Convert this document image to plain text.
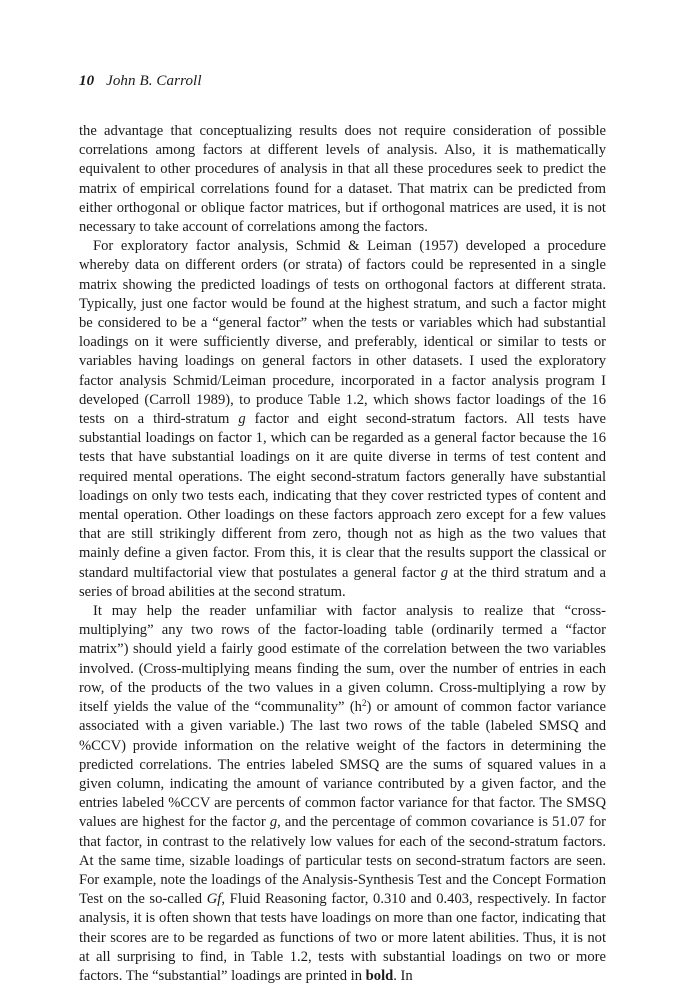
10 John B. Carroll

the advantage that conceptualizing results does not require consideration of possible correlations among factors at different levels of analysis. Also, it is mathematically equivalent to other procedures of analysis in that all these procedures seek to predict the matrix of empirical correlations found for a dataset. That matrix can be predicted from either orthogonal or oblique factor matrices, but if orthogonal matrices are used, it is not necessary to take account of correlations among the factors.

For exploratory factor analysis, Schmid & Leiman (1957) developed a procedure whereby data on different orders (or strata) of factors could be represented in a single matrix showing the predicted loadings of tests on orthogonal factors at different strata. Typically, just one factor would be found at the highest stratum, and such a factor might be considered to be a “general factor” when the tests or variables which had substantial loadings on it were sufficiently diverse, and preferably, identical or similar to tests or variables having loadings on general factors in other datasets. I used the exploratory factor analysis Schmid/Leiman procedure, incorporated in a factor analysis program I developed (Carroll 1989), to produce Table 1.2, which shows factor loadings of the 16 tests on a third-stratum g factor and eight second-stratum factors. All tests have substantial loadings on factor 1, which can be regarded as a general factor because the 16 tests that have substantial loadings on it are quite diverse in terms of test content and required mental operations. The eight second-stratum factors generally have substantial loadings on only two tests each, indicating that they cover restricted types of content and mental operation. Other loadings on these factors approach zero except for a few values that are still strikingly different from zero, though not as high as the two values that mainly define a given factor. From this, it is clear that the results support the classical or standard multifactorial view that postulates a general factor g at the third stratum and a series of broad abilities at the second stratum.

It may help the reader unfamiliar with factor analysis to realize that “cross-multiplying” any two rows of the factor-loading table (ordinarily termed a “factor matrix”) should yield a fairly good estimate of the correlation between the two variables involved. (Cross-multiplying means finding the sum, over the number of entries in each row, of the products of the two values in a given column. Cross-multiplying a row by itself yields the value of the “communality” $(h^2)$ or amount of common factor variance associated with a given variable.) The last two rows of the table (labeled SMSQ and %CCV) provide information on the relative weight of the factors in determining the predicted correlations. The entries labeled SMSQ are the sums of squared values in a given column, indicating the amount of variance contributed by a given factor, and the entries labeled %CCV are percents of common factor variance for that factor. The SMSQ values are highest for the factor g, and the percentage of common covariance is 51.07 for that factor, in contrast to the relatively low values for each of the second-stratum factors. At the same time, sizable loadings of particular tests on second-stratum factors are seen. For example, note the loadings of the Analysis-Synthesis Test and the Concept Formation Test on the so-called Gf, Fluid Reasoning factor, 0.310 and 0.403, respectively. In factor analysis, it is often shown that tests have loadings on more than one factor, indicating that their scores are to be regarded as functions of two or more latent abilities. Thus, it is not at all surprising to find, in Table 1.2, tests with substantial loadings on two or more factors. The “substantial” loadings are printed in bold. In
